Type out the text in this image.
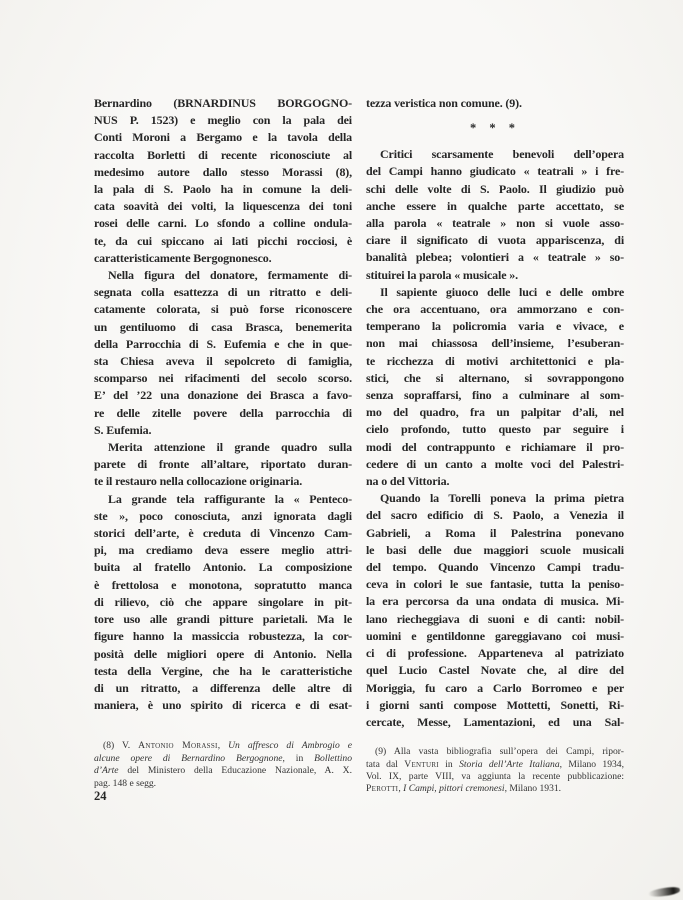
Bernardino (BRNARDINUS BORGOGNO-
NUS P. 1523) e meglio con la pala dei
Conti Moroni a Bergamo e la tavola della
raccolta Borletti di recente riconosciute al
medesimo autore dallo stesso Morassi (8),
la pala di S. Paolo ha in comune la deli-
cata soavità dei volti, la liquescenza dei toni
rosei delle carni. Lo sfondo a colline ondula-
te, da cui spiccano ai lati picchi rocciosi, è
caratteristicamente Bergognonesco.
Nella figura del donatore, fermamente di-
segnata colla esattezza di un ritratto e deli-
catamente colorata, si può forse riconoscere
un gentiluomo di casa Brasca, benemerita
della Parrocchia di S. Eufemia e che in que-
sta Chiesa aveva il sepolcreto di famiglia,
scomparso nei rifacimenti del secolo scorso.
E’ del ’22 una donazione dei Brasca a favo-
re delle zitelle povere della parrocchia di
S. Eufemia.
Merita attenzione il grande quadro sulla
parete di fronte all’altare, riportato duran-
te il restauro nella collocazione originaria.
La grande tela raffigurante la « Penteco-
ste », poco conosciuta, anzi ignorata dagli
storici dell’arte, è creduta di Vincenzo Cam-
pi, ma crediamo deva essere meglio attri-
buita al fratello Antonio. La composizione
è frettolosa e monotona, sopratutto manca
di rilievo, ciò che appare singolare in pit-
tore uso alle grandi pitture parietali. Ma le
figure hanno la massiccia robustezza, la cor-
posità delle migliori opere di Antonio. Nella
testa della Vergine, che ha le caratteristiche
di un ritratto, a differenza delle altre di
maniera, è uno spirito di ricerca e di esat-
(8) V. Antonio Morassi, Un affresco di Ambrogio e
alcune opere di Bernardino Bergognone, in Bollettino
d’Arte del Ministero della Educazione Nazionale, A. X.
pag. 148 e segg.
tezza veristica non comune. (9).
* * *
Critici scarsamente benevoli dell’opera
del Campi hanno giudicato « teatrali » i fre-
schi delle volte di S. Paolo. Il giudizio può
anche essere in qualche parte accettato, se
alla parola « teatrale » non si vuole asso-
ciare il significato di vuota appariscenza, di
banalità plebea; volontieri a « teatrale » so-
stituirei la parola « musicale ».
Il sapiente giuoco delle luci e delle ombre
che ora accentuano, ora ammorzano e con-
temperano la policromia varia e vivace, e
non mai chiassosa dell’insieme, l’esuberan-
te ricchezza di motivi architettonici e pla-
stici, che si alternano, si sovrappongono
senza sopraffarsi, fino a culminare al som-
mo del quadro, fra un palpitar d’ali, nel
cielo profondo, tutto questo par seguire i
modi del contrappunto e richiamare il pro-
cedere di un canto a molte voci del Palestri-
na o del Vittoria.
Quando la Torelli poneva la prima pietra
del sacro edificio di S. Paolo, a Venezia il
Gabrieli, a Roma il Palestrina ponevano
le basi delle due maggiori scuole musicali
del tempo. Quando Vincenzo Campi tradu-
ceva in colori le sue fantasie, tutta la peniso-
la era percorsa da una ondata di musica. Mi-
lano riecheggiava di suoni e di canti: nobil-
uomini e gentildonne gareggiavano coi musi-
ci di professione. Apparteneva al patriziato
quel Lucio Castel Novate che, al dire del
Moriggia, fu caro a Carlo Borromeo e per
i giorni santi compose Mottetti, Sonetti, Ri-
cercate, Messe, Lamentazioni, ed una Sal-
(9) Alla vasta bibliografia sull’opera dei Campi, ripor-
tata dal Venturi in Storia dell’Arte Italiana, Milano 1934,
Vol. IX, parte VIII, va aggiunta la recente pubblicazione:
Perotti, I Campi, pittori cremonesi, Milano 1931.
24
